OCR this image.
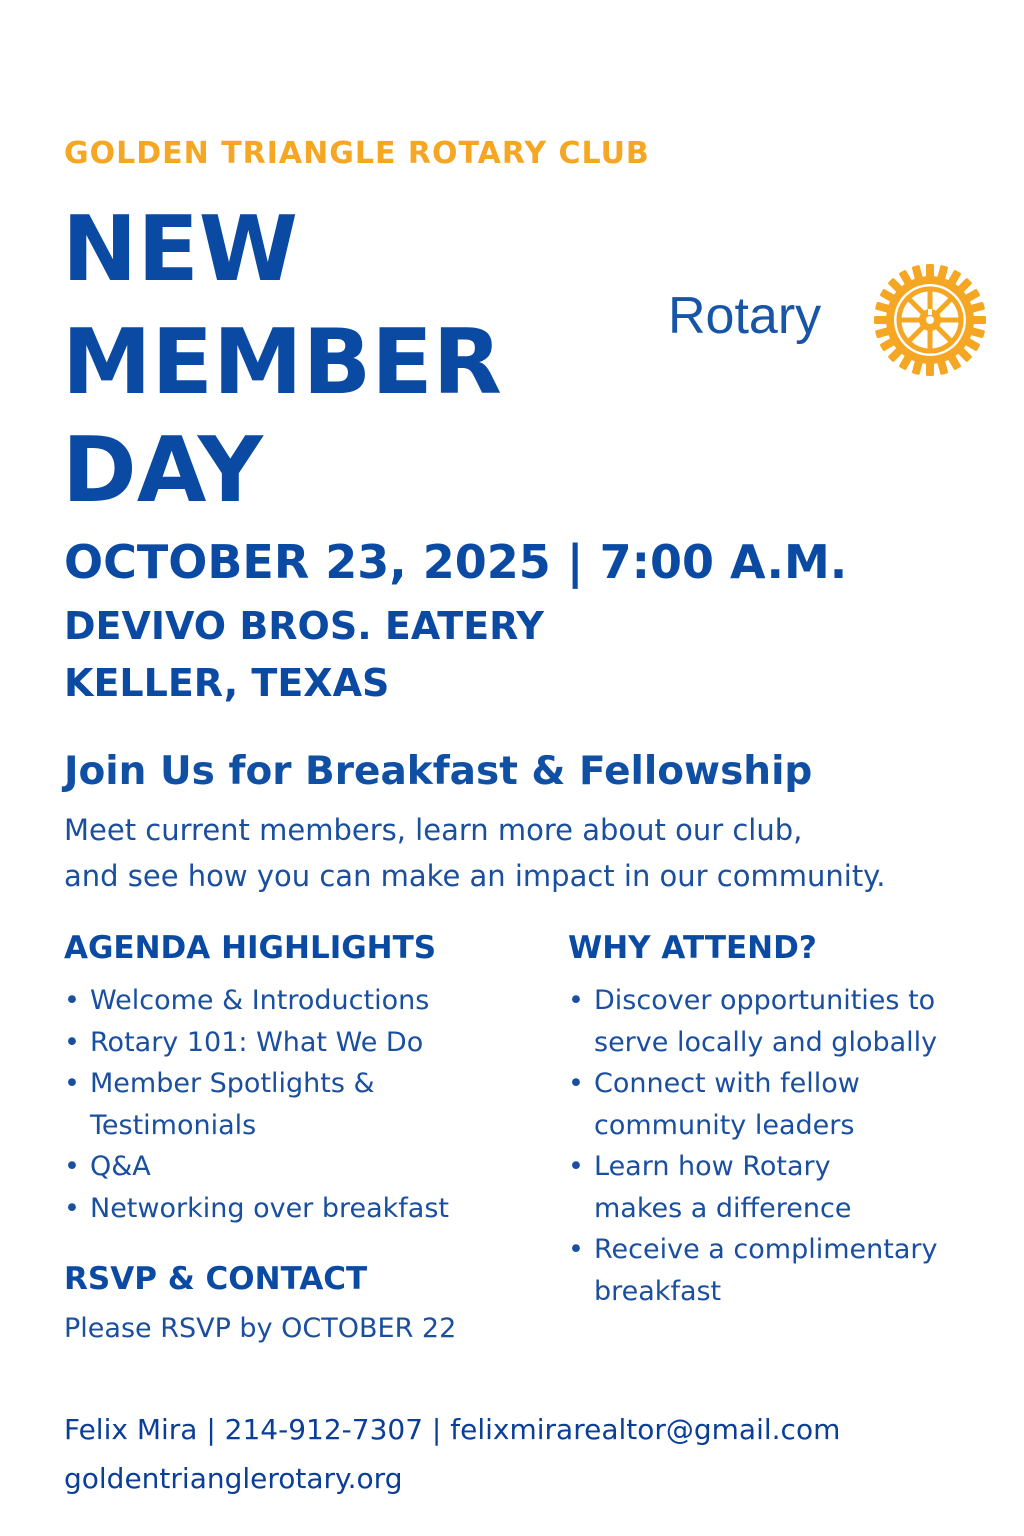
GOLDEN TRIANGLE ROTARY CLUB
NEW
MEMBER
DAY
Rotary
OCTOBER 23, 2025 | 7:00 A.M.
DEVIVO BROS. EATERY
KELLER, TEXAS
Join Us for Breakfast & Fellowship
Meet current members, learn more about our club,
and see how you can make an impact in our community.
AGENDA HIGHLIGHTS
• Welcome & Introductions
• Rotary 101: What We Do
• Member Spotlights & Testimonials
• Q&A
• Networking over breakfast
WHY ATTEND?
• Discover opportunities to serve locally and globally
• Connect with fellow community leaders
• Learn how Rotary makes a difference
• Receive a complimentary breakfast
RSVP & CONTACT
Please RSVP by OCTOBER 22
Felix Mira | 214-912-7307 | felixmirarealtor@gmail.com
goldentrianglerotary.org
